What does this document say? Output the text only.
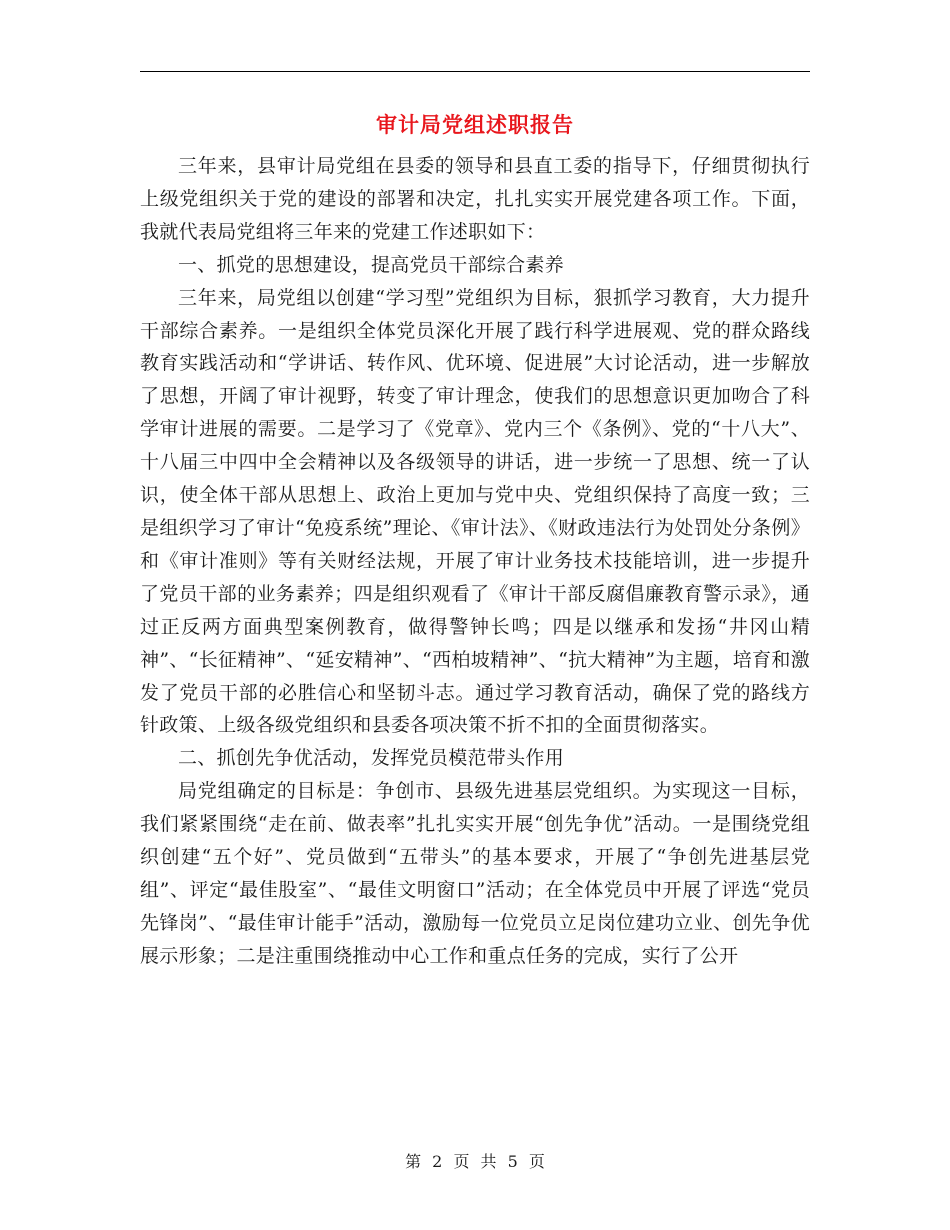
审计局党组述职报告

三年来，县审计局党组在县委的领导和县直工委的指导下，仔细贯彻执行上级党组织关于党的建设的部署和决定，扎扎实实开展党建各项工作。下面，我就代表局党组将三年来的党建工作述职如下：

一、抓党的思想建设，提高党员干部综合素养

三年来，局党组以创建“学习型”党组织为目标，狠抓学习教育，大力提升干部综合素养。一是组织全体党员深化开展了践行科学进展观、党的群众路线教育实践活动和“学讲话、转作风、优环境、促进展”大讨论活动，进一步解放了思想，开阔了审计视野，转变了审计理念，使我们的思想意识更加吻合了科学审计进展的需要。二是学习了《党章》、党内三个《条例》、党的“十八大”、十八届三中四中全会精神以及各级领导的讲话，进一步统一了思想、统一了认识，使全体干部从思想上、政治上更加与党中央、党组织保持了高度一致；三是组织学习了审计“免疫系统”理论、《审计法》、《财政违法行为处罚处分条例》和《审计准则》等有关财经法规，开展了审计业务技术技能培训，进一步提升了党员干部的业务素养；四是组织观看了《审计干部反腐倡廉教育警示录》，通过正反两方面典型案例教育，做得警钟长鸣；四是以继承和发扬“井冈山精神”、“长征精神”、“延安精神”、“西柏坡精神”、“抗大精神”为主题，培育和激发了党员干部的必胜信心和坚韧斗志。通过学习教育活动，确保了党的路线方针政策、上级各级党组织和县委各项决策不折不扣的全面贯彻落实。

二、抓创先争优活动，发挥党员模范带头作用

局党组确定的目标是：争创市、县级先进基层党组织。为实现这一目标，我们紧紧围绕“走在前、做表率”扎扎实实开展“创先争优”活动。一是围绕党组织创建“五个好”、党员做到“五带头”的基本要求，开展了“争创先进基层党组”、评定“最佳股室”、“最佳文明窗口”活动；在全体党员中开展了评选“党员先锋岗”、“最佳审计能手”活动，激励每一位党员立足岗位建功立业、创先争优展示形象；二是注重围绕推动中心工作和重点任务的完成，实行了公开

第 2 页 共 5 页
